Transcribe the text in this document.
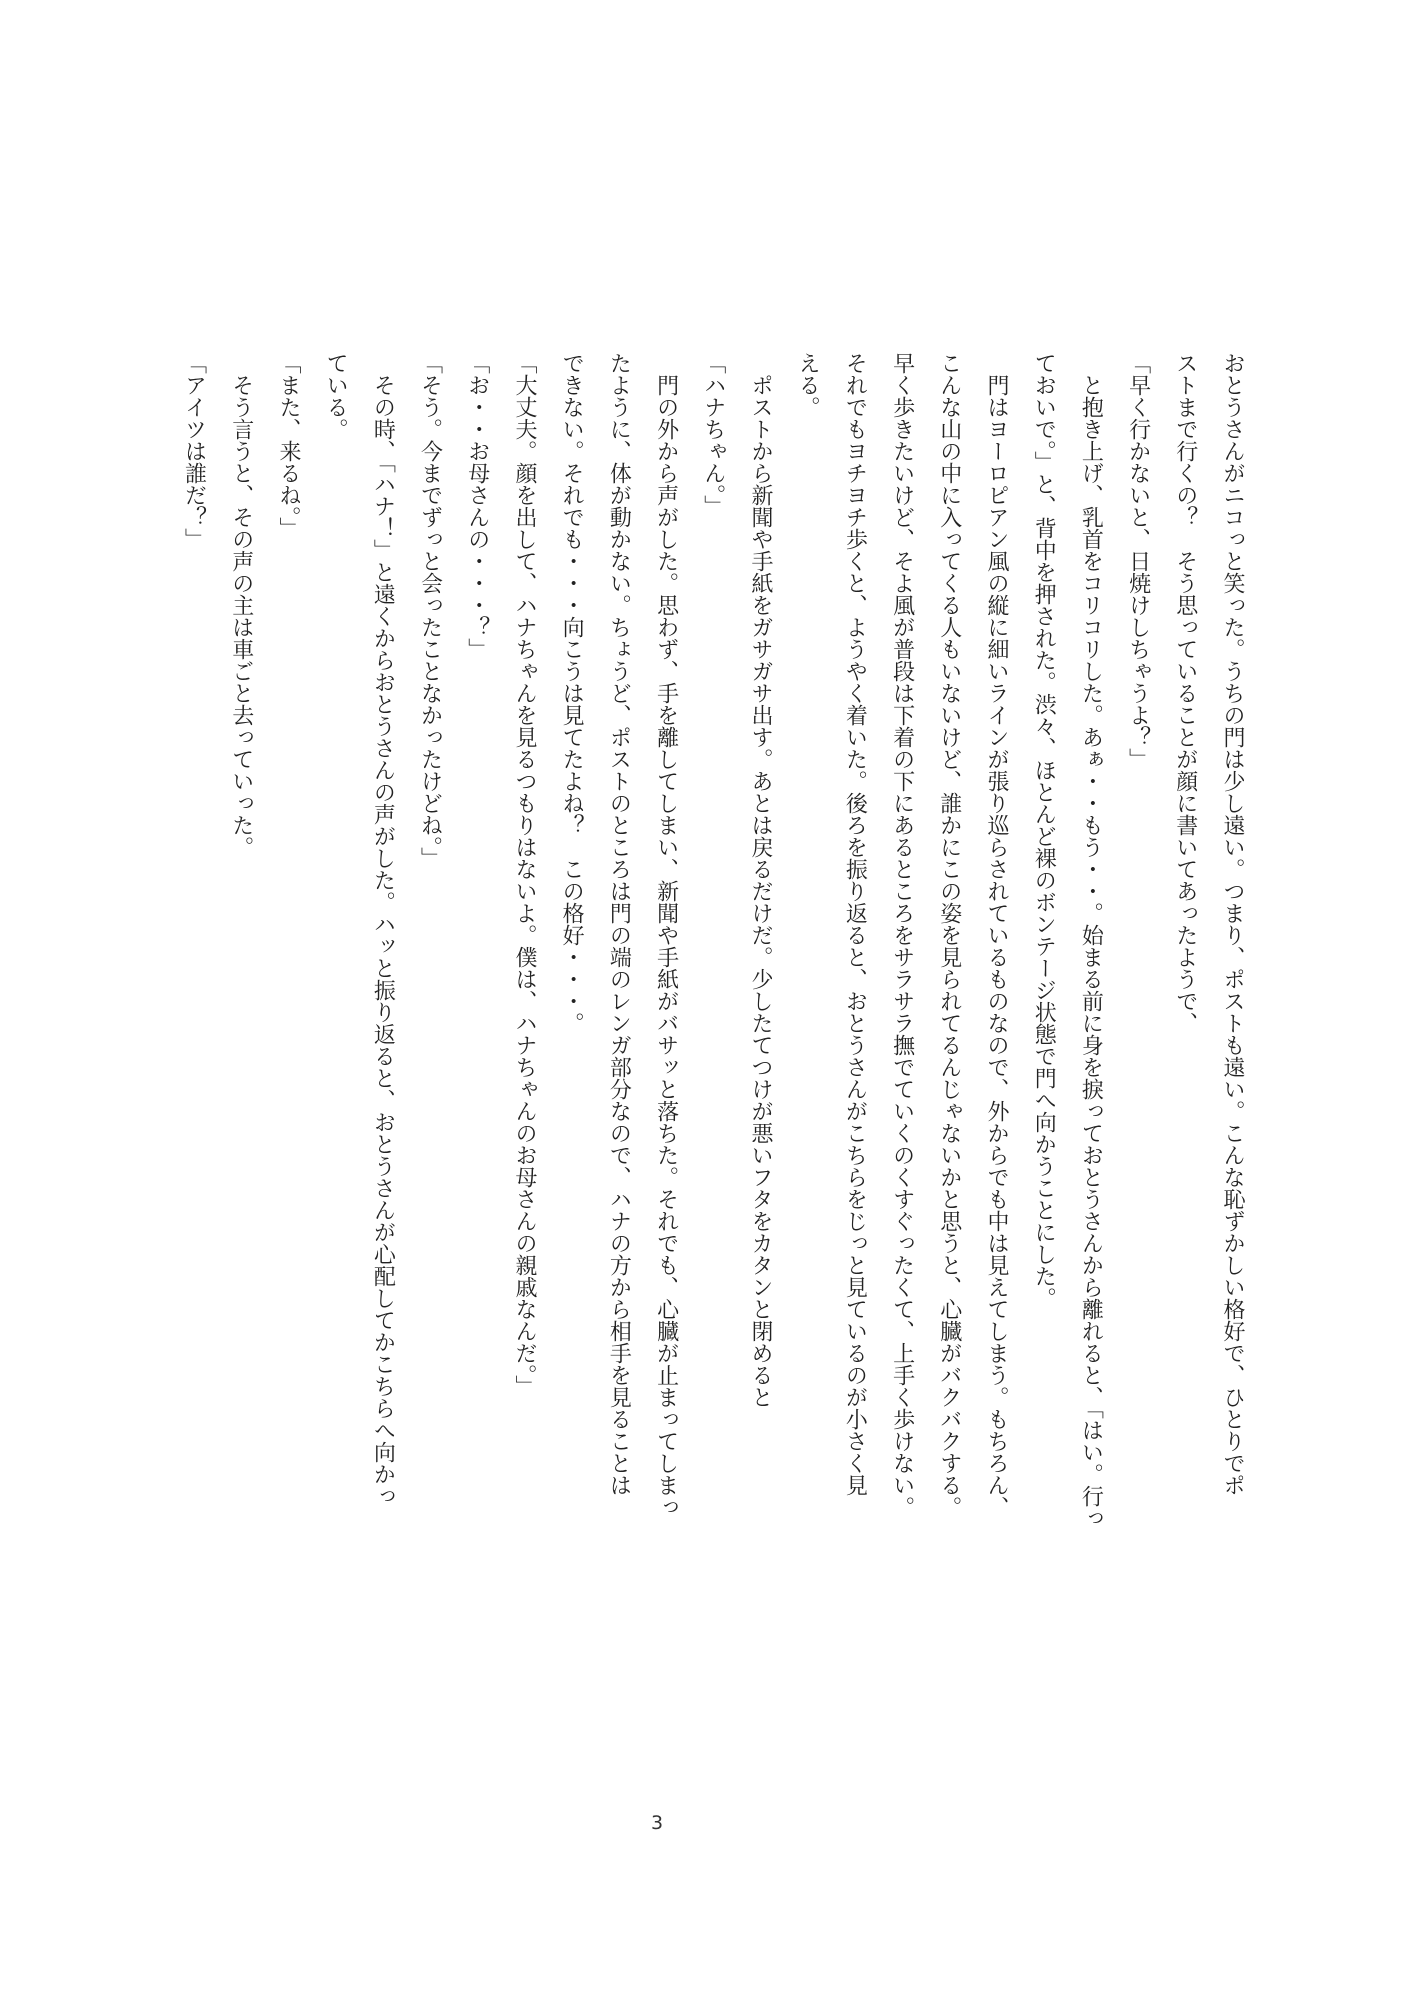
おとうさんがニコっと笑った。うちの門は少し遠い。つまり、ポストも遠い。こんな恥ずかしい格好で、ひとりでポ
ストまで行くの？　そう思っていることが顔に書いてあったようで、
「早く行かないと、日焼けしちゃうよ？」
　と抱き上げ、乳首をコリコリした。あぁ・・もう・・。始まる前に身を捩っておとうさんから離れると、「はい。行っ
ておいで。」と、背中を押された。渋々、ほとんど裸のボンテージ状態で門へ向かうことにした。
　門はヨーロピアン風の縦に細いラインが張り巡らされているものなので、外からでも中は見えてしまう。もちろん、
こんな山の中に入ってくる人もいないけど、誰かにこの姿を見られてるんじゃないかと思うと、心臓がバクバクする。
早く歩きたいけど、そよ風が普段は下着の下にあるところをサラサラ撫でていくのくすぐったくて、上手く歩けない。
それでもヨチヨチ歩くと、ようやく着いた。後ろを振り返ると、おとうさんがこちらをじっと見ているのが小さく見
える。
　ポストから新聞や手紙をガサガサ出す。あとは戻るだけだ。少したてつけが悪いフタをカタンと閉めると
「ハナちゃん。」
　門の外から声がした。思わず、手を離してしまい、新聞や手紙がバサッと落ちた。それでも、心臓が止まってしまっ
たように、体が動かない。ちょうど、ポストのところは門の端のレンガ部分なので、ハナの方から相手を見ることは
できない。それでも・・・向こうは見てたよね？　この格好・・・。
「大丈夫。顔を出して、ハナちゃんを見るつもりはないよ。僕は、ハナちゃんのお母さんの親戚なんだ。」
「お・・お母さんの・・・？」
「そう。今までずっと会ったことなかったけどね。」
　その時、「ハナ！」と遠くからおとうさんの声がした。ハッと振り返ると、おとうさんが心配してかこちらへ向かっ
ている。
「また、来るね。」
　そう言うと、その声の主は車ごと去っていった。
「アイツは誰だ？」
3
